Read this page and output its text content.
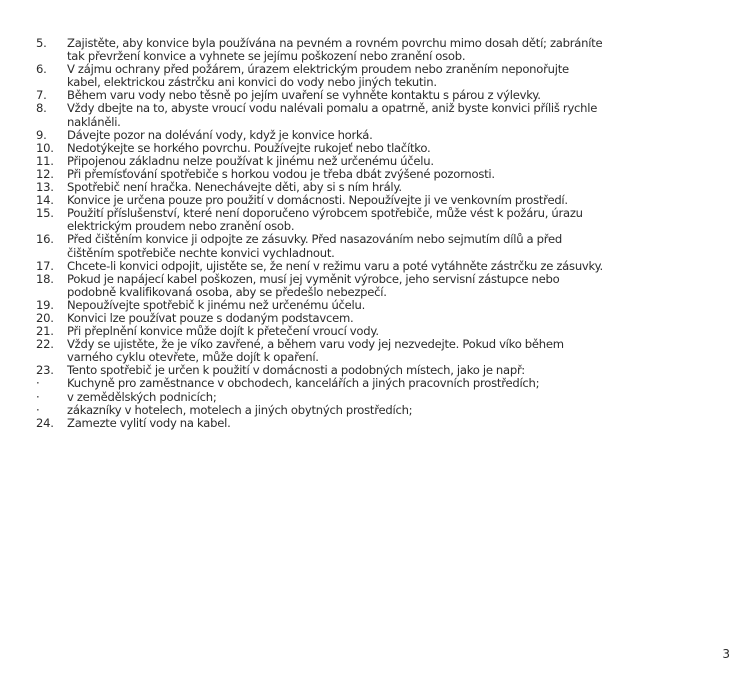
5.	Zajistěte, aby konvice byla používána na pevném a rovném povrchu mimo dosah dětí; zabráníte
tak převržení konvice a vyhnete se jejímu poškození nebo zranění osob.
6.	V zájmu ochrany před požárem, úrazem elektrickým proudem nebo zraněním neponořujte
kabel, elektrickou zástrčku ani konvici do vody nebo jiných tekutin.
7.	Během varu vody nebo těsně po jejím uvaření se vyhněte kontaktu s párou z výlevky.
8.	Vždy dbejte na to, abyste vroucí vodu nalévali pomalu a opatrně, aniž byste konvici příliš rychle
nakláněli.
9.	Dávejte pozor na dolévání vody, když je konvice horká.
10.	Nedotýkejte se horkého povrchu. Používejte rukojeť nebo tlačítko.
11.	Připojenou základnu nelze používat k jinému než určenému účelu.
12.	Při přemísťování spotřebiče s horkou vodou je třeba dbát zvýšené pozornosti.
13.	Spotřebič není hračka. Nenechávejte děti, aby si s ním hrály.
14.	Konvice je určena pouze pro použití v domácnosti. Nepoužívejte ji ve venkovním prostředí.
15.	Použití příslušenství, které není doporučeno výrobcem spotřebiče, může vést k požáru, úrazu
elektrickým proudem nebo zranění osob.
16.	Před čištěním konvice ji odpojte ze zásuvky. Před nasazováním nebo sejmutím dílů a před
čištěním spotřebiče nechte konvici vychladnout.
17.	Chcete-li konvici odpojit, ujistěte se, že není v režimu varu a poté vytáhněte zástrčku ze zásuvky.
18.	Pokud je napájecí kabel poškozen, musí jej vyměnit výrobce, jeho servisní zástupce nebo
podobně kvalifikovaná osoba, aby se předešlo nebezpečí.
19.	Nepoužívejte spotřebič k jinému než určenému účelu.
20.	Konvici lze používat pouze s dodaným podstavcem.
21.	Při přeplnění konvice může dojít k přetečení vroucí vody.
22.	Vždy se ujistěte, že je víko zavřené, a během varu vody jej nezvedejte. Pokud víko během
varného cyklu otevřete, může dojít k opaření.
23.	Tento spotřebič je určen k použití v domácnosti a podobných místech, jako je např:
·	Kuchyně pro zaměstnance v obchodech, kancelářích a jiných pracovních prostředích;
·	v zemědělských podnicích;
·	zákazníky v hotelech, motelech a jiných obytných prostředích;
24.	Zamezte vylití vody na kabel.
3
